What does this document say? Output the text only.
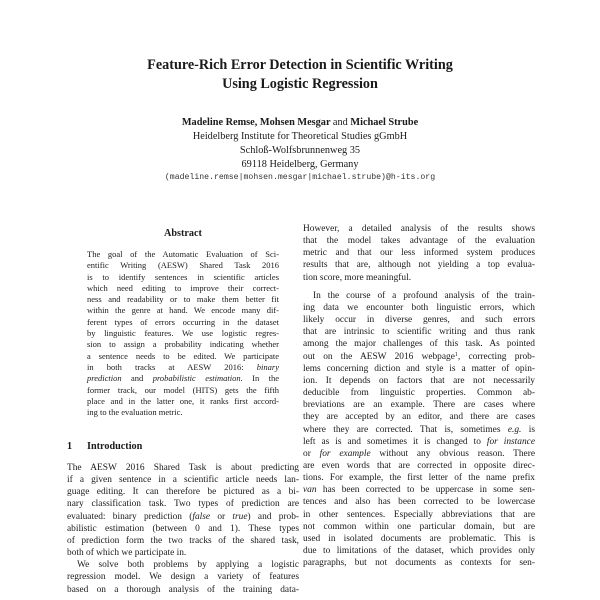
Feature-Rich Error Detection in Scientific Writing
Using Logistic Regression
Madeline Remse, Mohsen Mesgar and Michael Strube
Heidelberg Institute for Theoretical Studies gGmbH
Schloß-Wolfsbrunnenweg 35
69118 Heidelberg, Germany
(madeline.remse|mohsen.mesgar|michael.strube)@h-its.org
Abstract
The goal of the Automatic Evaluation of Sci-
entific Writing (AESW) Shared Task 2016
is to identify sentences in scientific articles
which need editing to improve their correct-
ness and readability or to make them better fit
within the genre at hand. We encode many dif-
ferent types of errors occurring in the dataset
by linguistic features. We use logistic regres-
sion to assign a probability indicating whether
a sentence needs to be edited. We participate
in both tracks at AESW 2016: binary
prediction and probabilistic estimation. In the
former track, our model (HITS) gets the fifth
place and in the latter one, it ranks first accord-
ing to the evaluation metric.
1 Introduction
The AESW 2016 Shared Task is about predicting
if a given sentence in a scientific article needs lan-
guage editing. It can therefore be pictured as a bi-
nary classification task. Two types of prediction are
evaluated: binary prediction (false or true) and prob-
abilistic estimation (between 0 and 1). These types
of prediction form the two tracks of the shared task,
both of which we participate in.
We solve both problems by applying a logistic
regression model. We design a variety of features
based on a thorough analysis of the training data-
However, a detailed analysis of the results shows
that the model takes advantage of the evaluation
metric and that our less informed system produces
results that are, although not yielding a top evalua-
tion score, more meaningful.
In the course of a profound analysis of the train-
ing data we encounter both linguistic errors, which
likely occur in diverse genres, and such errors
that are intrinsic to scientific writing and thus rank
among the major challenges of this task. As pointed
out on the AESW 2016 webpage$^1$, correcting prob-
lems concerning diction and style is a matter of opin-
ion. It depends on factors that are not necessarily
deducible from linguistic properties. Common ab-
breviations are an example. There are cases where
they are accepted by an editor, and there are cases
where they are corrected. That is, sometimes e.g. is
left as is and sometimes it is changed to for instance
or for example without any obvious reason. There
are even words that are corrected in opposite direc-
tions. For example, the first letter of the name prefix
van has been corrected to be uppercase in some sen-
tences and also has been corrected to be lowercase
in other sentences. Especially abbreviations that are
not common within one particular domain, but are
used in isolated documents are problematic. This is
due to limitations of the dataset, which provides only
paragraphs, but not documents as contexts for sen-
